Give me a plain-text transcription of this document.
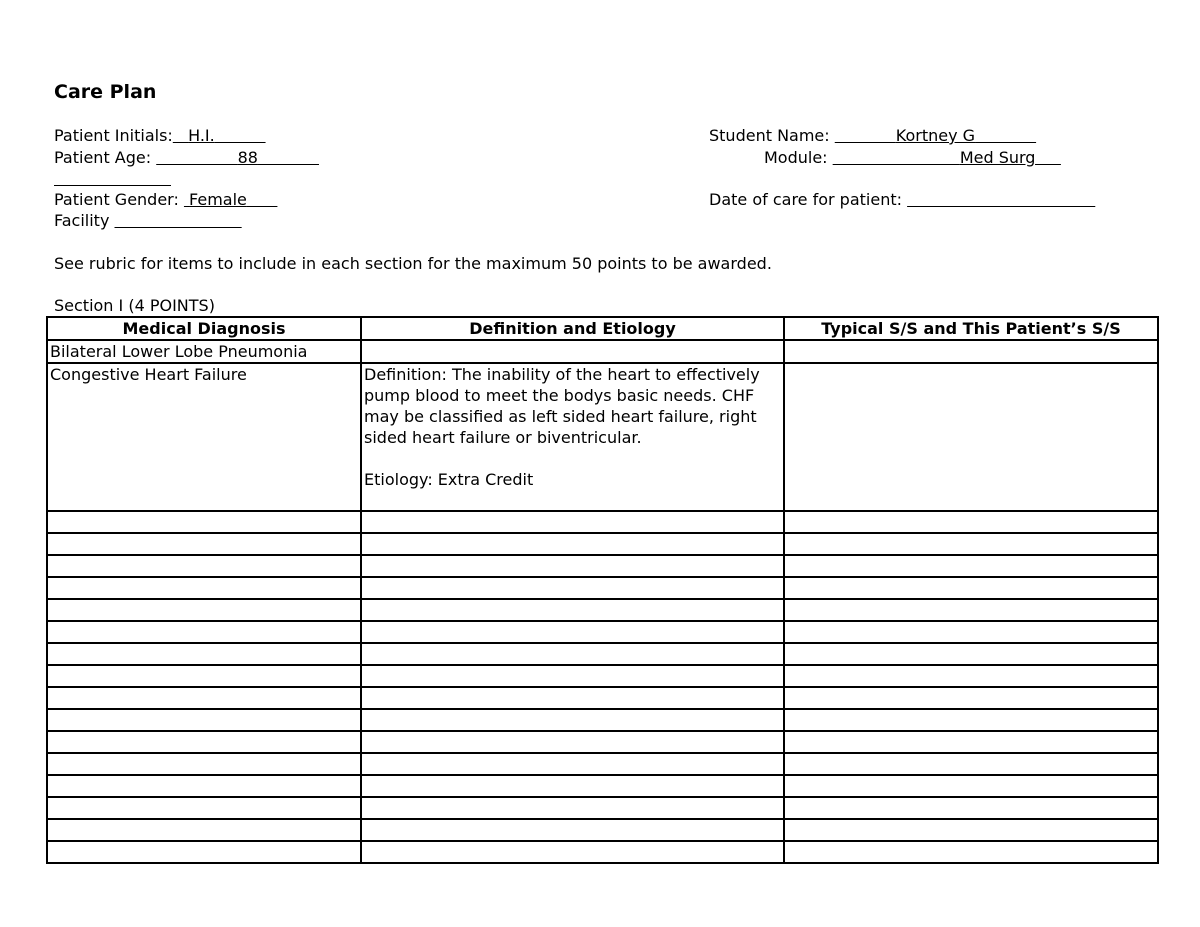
Care Plan
Patient Initials: H.I.
Patient Age:	88

Patient Gender:  Female
Facility
Student Name:	Kortney G
Module:	Med Surg
Date of care for patient:
See rubric for items to include in each section for the maximum 50 points to be awarded.
Section I (4 POINTS)
Medical Diagnosis	Definition and Etiology	Typical S/S and This Patient’s S/S
Bilateral Lower Lobe Pneumonia		
Congestive Heart Failure	Definition: The inability of the heart to effectively pump blood to meet the bodys basic needs. CHF may be classified as left sided heart failure, right sided heart failure or biventricular.

Etiology: Extra Credit	
